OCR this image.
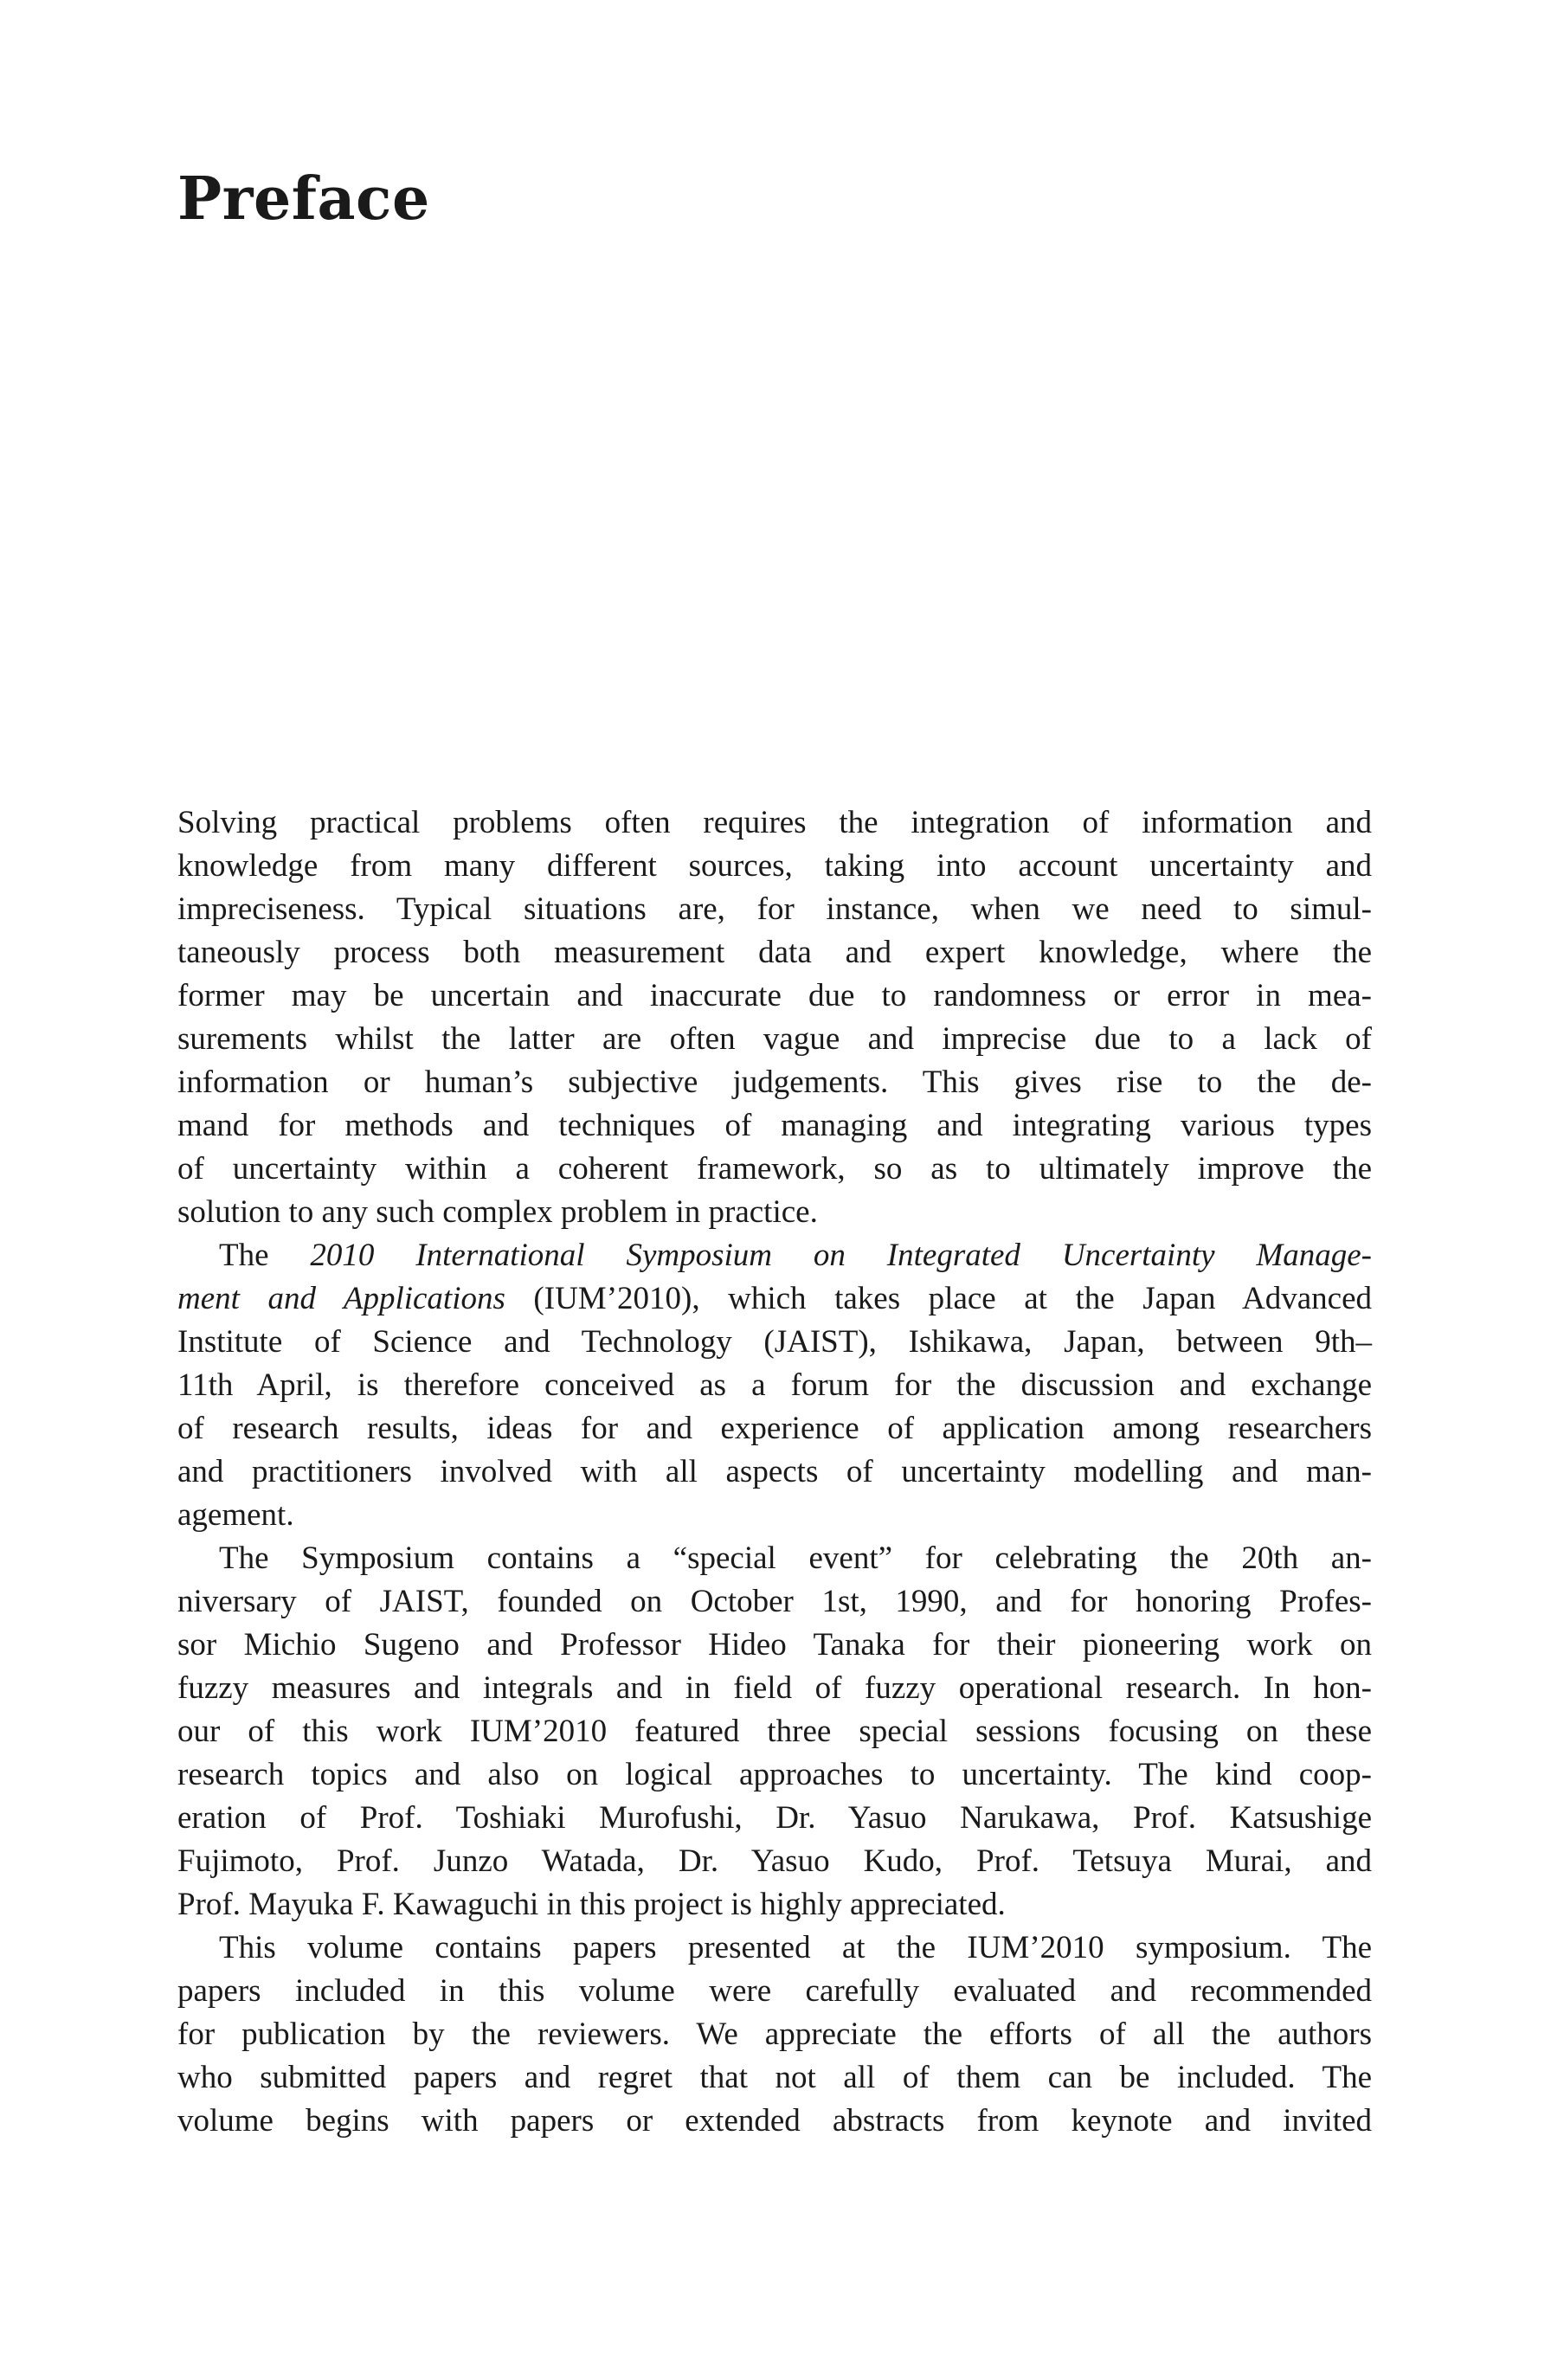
Preface
Solving practical problems often requires the integration of information and
knowledge from many different sources, taking into account uncertainty and
impreciseness. Typical situations are, for instance, when we need to simul-
taneously process both measurement data and expert knowledge, where the
former may be uncertain and inaccurate due to randomness or error in mea-
surements whilst the latter are often vague and imprecise due to a lack of
information or human’s subjective judgements. This gives rise to the de-
mand for methods and techniques of managing and integrating various types
of uncertainty within a coherent framework, so as to ultimately improve the
solution to any such complex problem in practice.
The 2010 International Symposium on Integrated Uncertainty Manage-
ment and Applications (IUM’2010), which takes place at the Japan Advanced
Institute of Science and Technology (JAIST), Ishikawa, Japan, between 9th–
11th April, is therefore conceived as a forum for the discussion and exchange
of research results, ideas for and experience of application among researchers
and practitioners involved with all aspects of uncertainty modelling and man-
agement.
The Symposium contains a “special event” for celebrating the 20th an-
niversary of JAIST, founded on October 1st, 1990, and for honoring Profes-
sor Michio Sugeno and Professor Hideo Tanaka for their pioneering work on
fuzzy measures and integrals and in field of fuzzy operational research. In hon-
our of this work IUM’2010 featured three special sessions focusing on these
research topics and also on logical approaches to uncertainty. The kind coop-
eration of Prof. Toshiaki Murofushi, Dr. Yasuo Narukawa, Prof. Katsushige
Fujimoto, Prof. Junzo Watada, Dr. Yasuo Kudo, Prof. Tetsuya Murai, and
Prof. Mayuka F. Kawaguchi in this project is highly appreciated.
This volume contains papers presented at the IUM’2010 symposium. The
papers included in this volume were carefully evaluated and recommended
for publication by the reviewers. We appreciate the efforts of all the authors
who submitted papers and regret that not all of them can be included. The
volume begins with papers or extended abstracts from keynote and invited
